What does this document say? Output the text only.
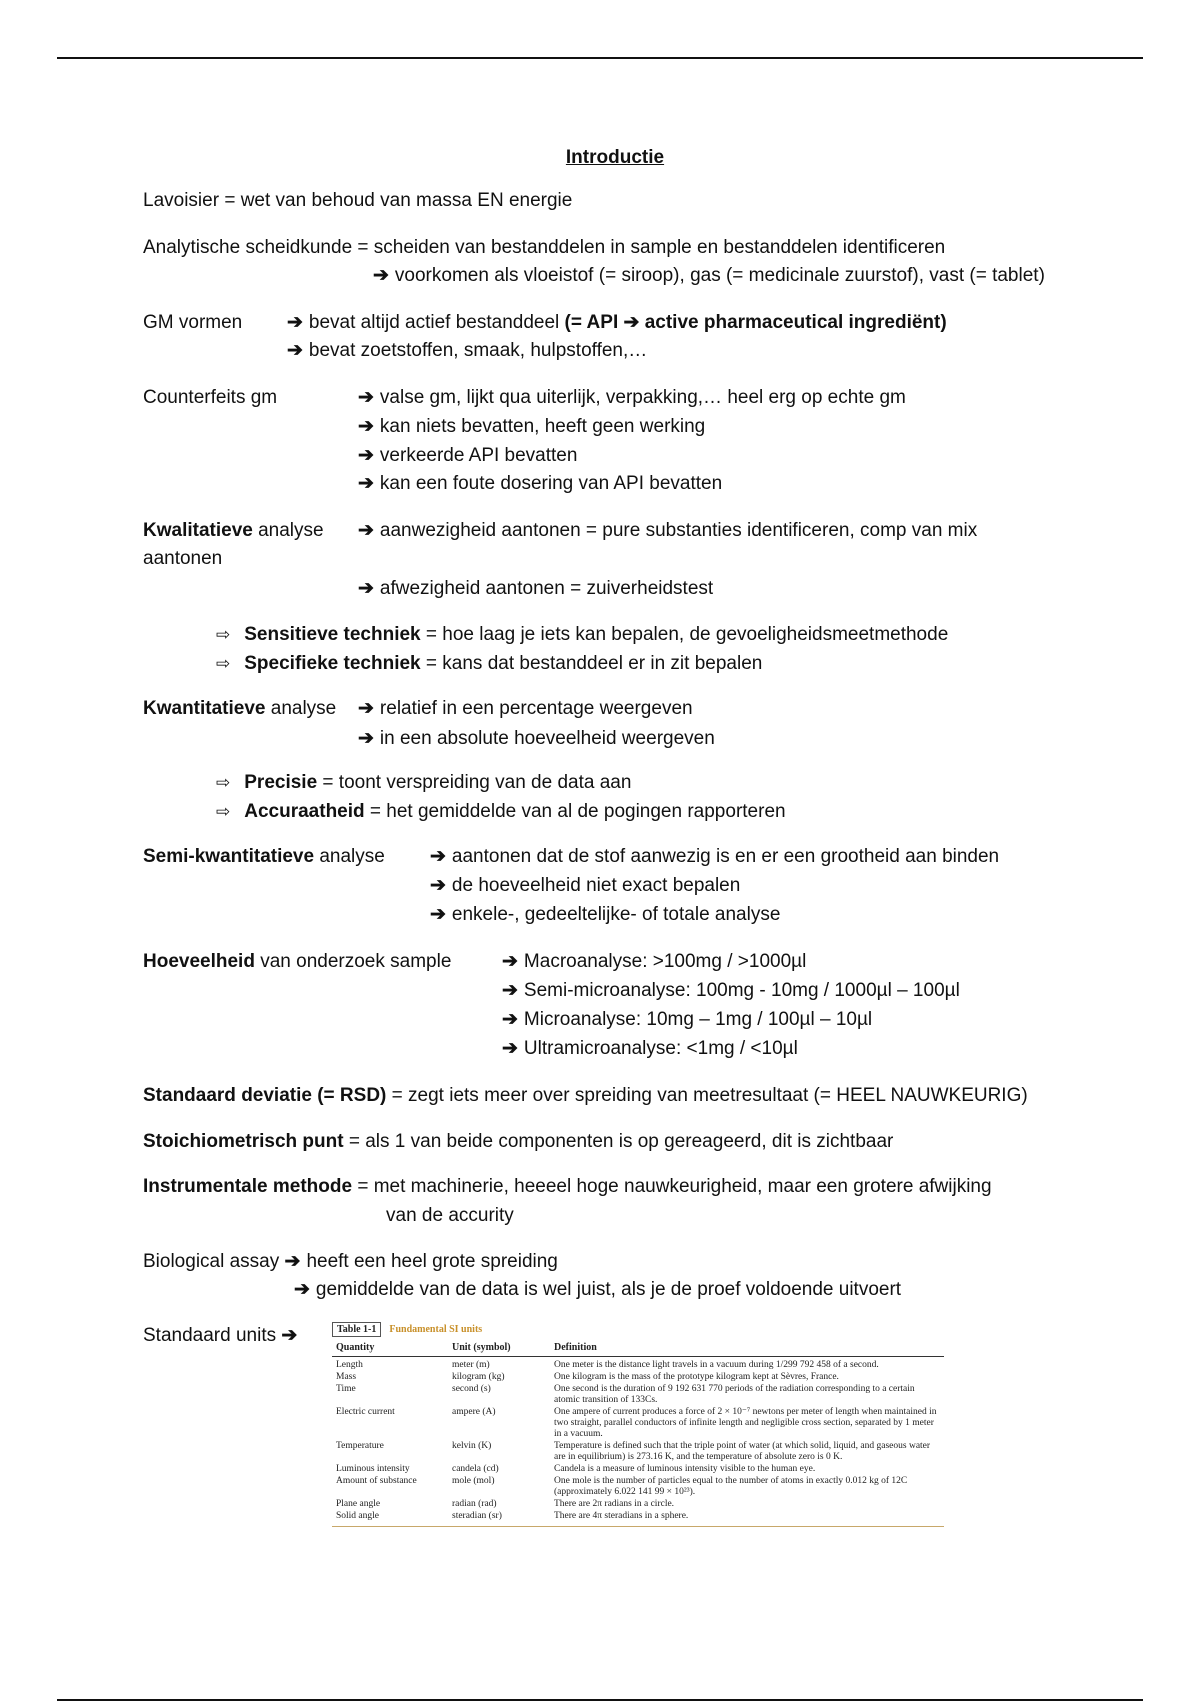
Introductie
Lavoisier = wet van behoud van massa EN energie
Analytische scheidkunde = scheiden van bestanddelen in sample en bestanddelen identificeren
➔ voorkomen als vloeistof (= siroop), gas (= medicinale zuurstof), vast (= tablet)
GM vormen ➔ bevat altijd actief bestanddeel (= API ➔ active pharmaceutical ingrediënt)
➔ bevat zoetstoffen, smaak, hulpstoffen,…
Counterfeits gm	➔ valse gm, lijkt qua uiterlijk, verpakking,… heel erg op echte gm
➔ kan niets bevatten, heeft geen werking
➔ verkeerde API bevatten
➔ kan een foute dosering van API bevatten
Kwalitatieve analyse
aantonen
➔ aanwezigheid aantonen = pure substanties identificeren, comp van mix
➔ afwezigheid aantonen = zuiverheidstest
⇨ Sensitieve techniek = hoe laag je iets kan bepalen, de gevoeligheidsmeetmethode
⇨ Specifieke techniek = kans dat bestanddeel er in zit bepalen
Kwantitatieve analyse ➔ relatief in een percentage weergeven
➔ in een absolute hoeveelheid weergeven
⇨ Precisie = toont verspreiding van de data aan
⇨ Accuraatheid = het gemiddelde van al de pogingen rapporteren
Semi-kwantitatieve analyse ➔ aantonen dat de stof aanwezig is en er een grootheid aan binden
➔ de hoeveelheid niet exact bepalen
➔ enkele-, gedeeltelijke- of totale analyse
Hoeveelheid van onderzoek sample	➔ Macroanalyse: >100mg / >1000µl
➔ Semi-microanalyse: 100mg - 10mg / 1000µl – 100µl
➔ Microanalyse: 10mg – 1mg / 100µl – 10µl
➔ Ultramicroanalyse: <1mg / <10µl
Standaard deviatie (= RSD) = zegt iets meer over spreiding van meetresultaat (= HEEL NAUWKEURIG)
Stoichiometrisch punt = als 1 van beide componenten is op gereageerd, dit is zichtbaar
Instrumentale methode = met machinerie, heeeel hoge nauwkeurigheid, maar een grotere afwijking
van de accurity
Biological assay ➔ heeft een heel grote spreiding
➔ gemiddelde van de data is wel juist, als je de proef voldoende uitvoert
Standaard units ➔	Table 1-1	Fundamental SI units
Quantity	Unit (symbol)	Definition
Length	meter (m)	One meter is the distance light travels in a vacuum during 1/299 792 458 of a second.
Mass	kilogram (kg)	One kilogram is the mass of the prototype kilogram kept at Sèvres, France.
Time	second (s)	One second is the duration of 9 192 631 770 periods of the radiation corresponding to a certain atomic transition of 133Cs.
Electric current	ampere (A)	One ampere of current produces a force of 2 × 10⁻⁷ newtons per meter of length when maintained in two straight, parallel conductors of infinite length and negligible cross section, separated by 1 meter in a vacuum.
Temperature	kelvin (K)	Temperature is defined such that the triple point of water (at which solid, liquid, and gaseous water are in equilibrium) is 273.16 K, and the temperature of absolute zero is 0 K.
Luminous intensity	candela (cd)	Candela is a measure of luminous intensity visible to the human eye.
Amount of substance	mole (mol)	One mole is the number of particles equal to the number of atoms in exactly 0.012 kg of 12C (approximately 6.022 141 99 × 10²³).
Plane angle	radian (rad)	There are 2π radians in a circle.
Solid angle	steradian (sr)	There are 4π steradians in a sphere.
